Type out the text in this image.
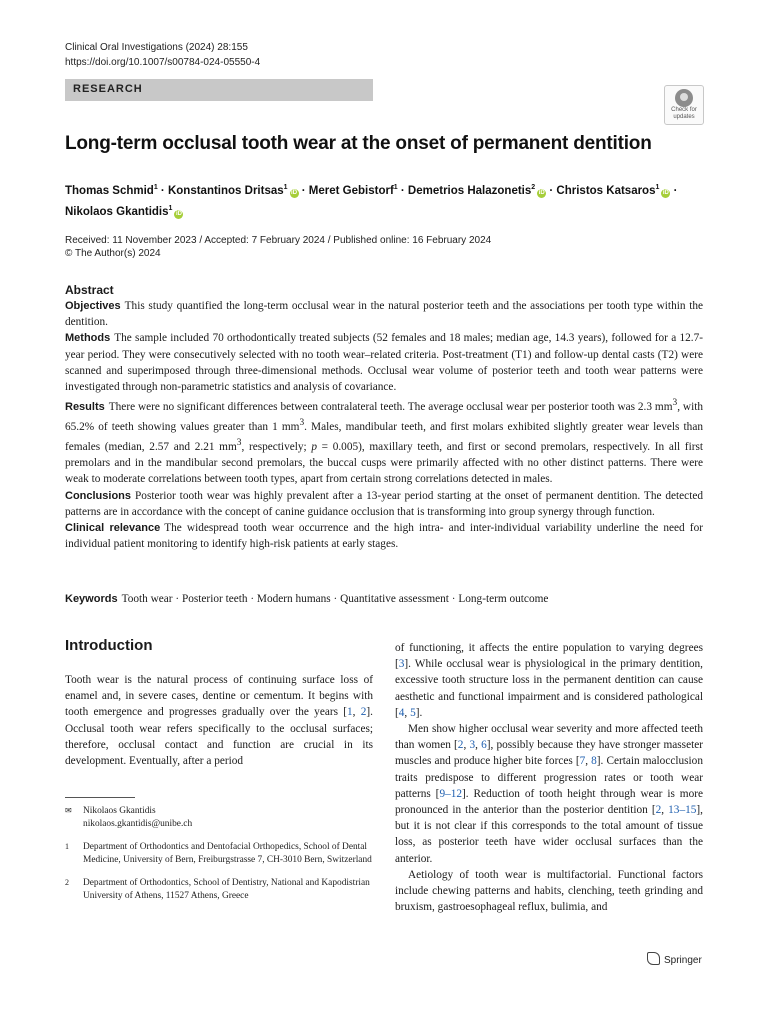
Clinical Oral Investigations (2024) 28:155
https://doi.org/10.1007/s00784-024-05550-4
RESEARCH
Check for
updates
Long-term occlusal tooth wear at the onset of permanent dentition
Thomas Schmid$^1$ · Konstantinos Dritsas$^1$iD · Meret Gebistorf$^1$ · Demetrios Halazonetis$^2$iD · Christos Katsaros$^1$iD ·
Nikolaos Gkantidis$^1$iD
Received: 11 November 2023 / Accepted: 7 February 2024 / Published online: 16 February 2024
© The Author(s) 2024
Abstract

Objectives This study quantified the long-term occlusal wear in the natural posterior teeth and the associations per tooth type within the dentition.

Methods The sample included 70 orthodontically treated subjects (52 females and 18 males; median age, 14.3 years), followed for a 12.7-year period. They were consecutively selected with no tooth wear–related criteria. Post-treatment (T1) and follow-up dental casts (T2) were scanned and superimposed through three-dimensional methods. Occlusal wear volume of posterior teeth and tooth wear patterns were investigated through non-parametric statistics and analysis of covariance.

Results There were no significant differences between contralateral teeth. The average occlusal wear per posterior tooth was 2.3 $mm^3$, with 65.2% of teeth showing values greater than 1 $mm^3$. Males, mandibular teeth, and first molars exhibited slightly greater wear levels than females (median, 2.57 and 2.21 $mm^3$, respectively; p = 0.005), maxillary teeth, and first or second premolars, respectively. In all first premolars and in the mandibular second premolars, the buccal cusps were primarily affected with no other distinct patterns. There were weak to moderate correlations between tooth types, apart from certain strong correlations detected in males.

Conclusions Posterior tooth wear was highly prevalent after a 13-year period starting at the onset of permanent dentition. The detected patterns are in accordance with the concept of canine guidance occlusion that is transforming into group synergy through function.

Clinical relevance The widespread tooth wear occurrence and the high intra- and inter-individual variability underline the need for individual patient monitoring to identify high-risk patients at early stages.

Keywords Tooth wear · Posterior teeth · Modern humans · Quantitative assessment · Long-term outcome
Introduction

Tooth wear is the natural process of continuing surface loss of enamel and, in severe cases, dentine or cementum. It begins with tooth emergence and progresses gradually over the years [1, 2]. Occlusal tooth wear refers specifically to the occlusal surfaces; therefore, occlusal contact and function are crucial in its development. Eventually, after a period

✉ Nikolaos Gkantidis
nikolaos.gkantidis@unibe.ch
1 Department of Orthodontics and Dentofacial Orthopedics, School of Dental Medicine, University of Bern, Freiburgstrasse 7, CH-3010 Bern, Switzerland
2 Department of Orthodontics, School of Dentistry, National and Kapodistrian University of Athens, 11527 Athens, Greece

of functioning, it affects the entire population to varying degrees [3]. While occlusal wear is physiological in the primary dentition, excessive tooth structure loss in the permanent dentition can cause aesthetic and functional impairment and is considered pathological [4, 5].

Men show higher occlusal wear severity and more affected teeth than women [2, 3, 6], possibly because they have stronger masseter muscles and produce higher bite forces [7, 8]. Certain malocclusion traits predispose to different progression rates or tooth wear patterns [9–12]. Reduction of tooth height through wear is more pronounced in the anterior than the posterior dentition [2, 13–15], but it is not clear if this corresponds to the total amount of tissue loss, as posterior teeth have wider occlusal surfaces than the anterior.

Aetiology of tooth wear is multifactorial. Functional factors include chewing patterns and habits, clenching, teeth grinding and bruxism, gastroesophageal reflux, bulimia, and

Springer
